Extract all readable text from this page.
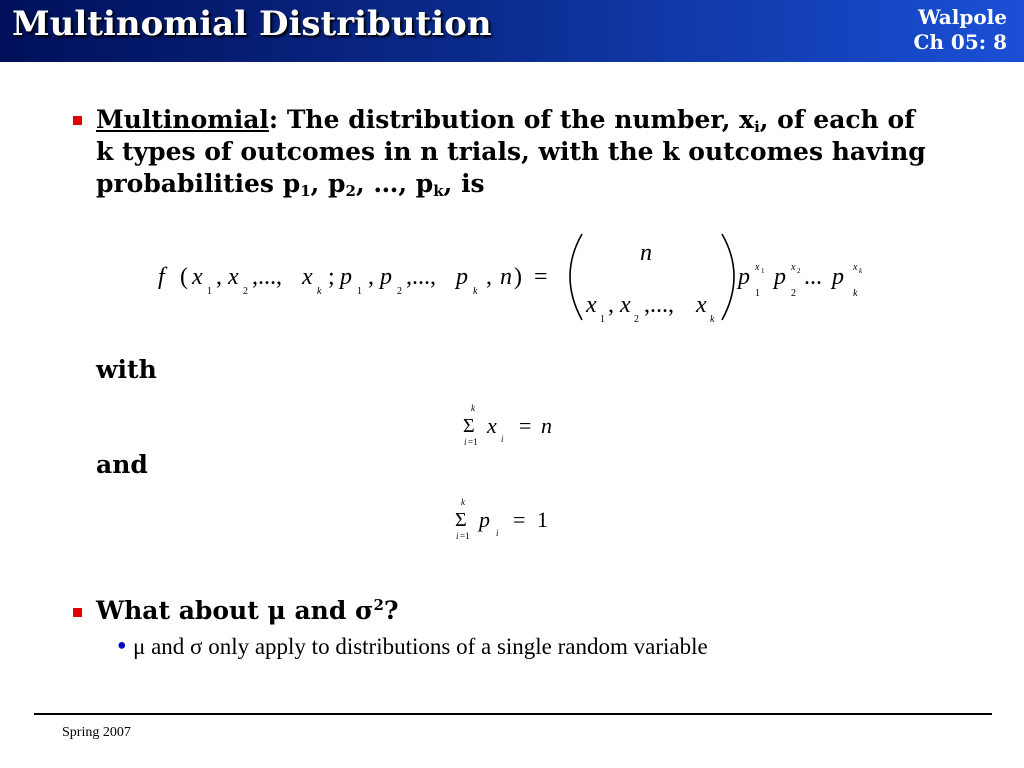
Multinomial Distribution	Walpole
Ch 05: 8
Multinomial: The distribution of the number, $x_i$, of each of k types of outcomes in n trials, with the k outcomes having probabilities $p_1$, $p_2$, …, $p_k$, is
f ( x
1
, x
2
,..., x
k
; p
1
, p
2
,..., p
k
, n ) =
n
x
1
, x
2
,..., x
k
p x 1
1
p x 2
2
... p x k
k
with
k
Σ
i =1
x
i
= n
and
k
Σ
i =1
p
i
= 1
What about μ and $\sigma^2$?
• μ and σ only apply to distributions of a single random variable
Spring 2007
